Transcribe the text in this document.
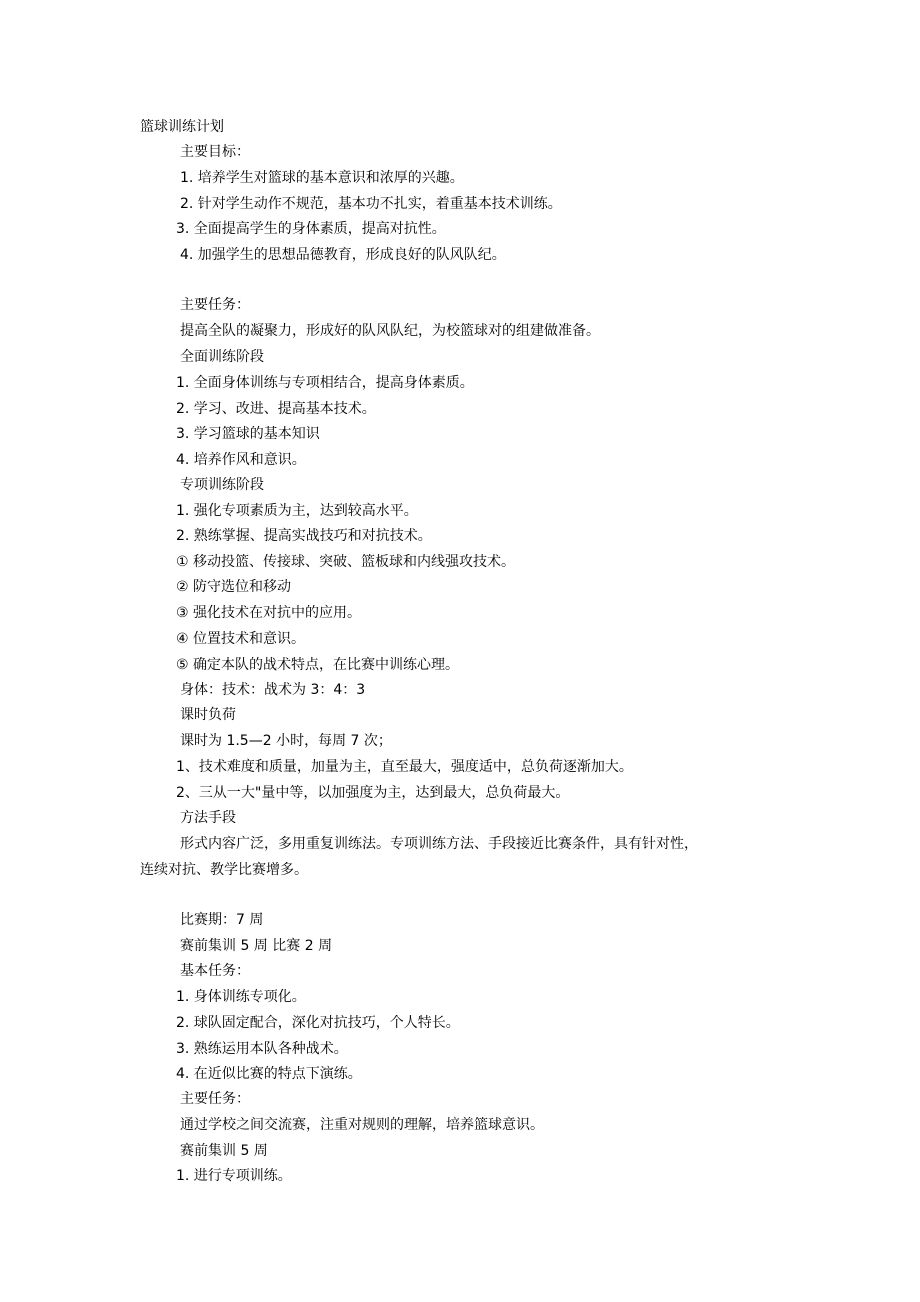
篮球训练计划
主要目标：
1. 培养学生对篮球的基本意识和浓厚的兴趣。
2. 针对学生动作不规范，基本功不扎实，着重基本技术训练。
3. 全面提高学生的身体素质，提高对抗性。
4. 加强学生的思想品德教育，形成良好的队风队纪。
主要任务：
提高全队的凝聚力，形成好的队风队纪，为校篮球对的组建做准备。
全面训练阶段
1. 全面身体训练与专项相结合，提高身体素质。
2. 学习、改进、提高基本技术。
3. 学习篮球的基本知识
4. 培养作风和意识。
专项训练阶段
1. 强化专项素质为主，达到较高水平。
2. 熟练掌握、提高实战技巧和对抗技术。
① 移动投篮、传接球、突破、篮板球和内线强攻技术。
② 防守选位和移动
③ 强化技术在对抗中的应用。
④ 位置技术和意识。
⑤ 确定本队的战术特点，在比赛中训练心理。
身体：技术：战术为 3：4：3
课时负荷
课时为 1.5—2 小时，每周 7 次；
1、技术难度和质量，加量为主，直至最大，强度适中，总负荷逐渐加大。
2、三从一大"量中等，以加强度为主，达到最大，总负荷最大。
方法手段
形式内容广泛，多用重复训练法。专项训练方法、手段接近比赛条件，具有针对性，
连续对抗、教学比赛增多。
比赛期：7 周
赛前集训 5 周 比赛 2 周
基本任务：
1. 身体训练专项化。
2. 球队固定配合，深化对抗技巧，个人特长。
3. 熟练运用本队各种战术。
4. 在近似比赛的特点下演练。
主要任务：
通过学校之间交流赛，注重对规则的理解，培养篮球意识。
赛前集训 5 周
1. 进行专项训练。
